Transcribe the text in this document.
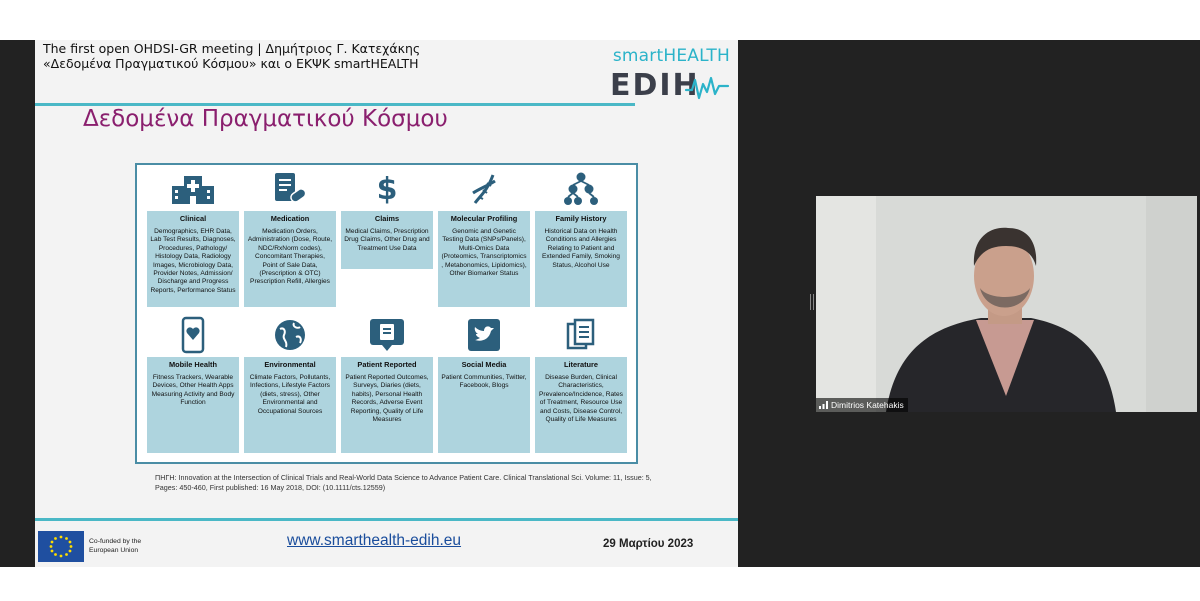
The first open OHDSI-GR meeting | Δημήτριος Γ. Κατεχάκης
«Δεδομένα Πραγματικού Κόσμου» και ο ΕΚΨΚ smartHEALTH	smartHEALTH
EDIH
Δεδομένα Πραγματικού Κόσμου
Clinical
Demographics, EHR Data, Lab Test Results, Diagnoses, Procedures, Pathology/ Histology Data, Radiology Images, Microbiology Data, Provider Notes, Admission/ Discharge and Progress Reports, Performance Status
Medication
Medication Orders, Administration (Dose, Route, NDC/RxNorm codes), Concomitant Therapies, Point of Sale Data, (Prescription & OTC) Prescription Refill, Allergies
$
Claims
Medical Claims, Prescription Drug Claims, Other Drug and Treatment Use Data
Molecular Profiling
Genomic and Genetic Testing Data (SNPs/Panels), Multi-Omics Data (Proteomics, Transcriptomics , Metabonomics, Lipidomics), Other Biomarker Status
Family History
Historical Data on Health Conditions and Allergies Relating to Patient and Extended Family, Smoking Status, Alcohol Use
Mobile Health
Fitness Trackers, Wearable Devices, Other Health Apps Measuring Activity and Body Function
Environmental
Climate Factors, Pollutants, Infections, Lifestyle Factors (diets, stress), Other Environmental and Occupational Sources
Patient Reported
Patient Reported Outcomes, Surveys, Diaries (diets, habits), Personal Health Records, Adverse Event Reporting, Quality of Life Measures
Social Media
Patient Communities, Twitter, Facebook, Blogs
Literature
Disease Burden, Clinical Characteristics, Prevalence/Incidence, Rates of Treatment, Resource Use and Costs, Disease Control, Quality of Life Measures
ΠΗΓΗ: Innovation at the Intersection of Clinical Trials and Real-World Data Science to Advance Patient Care. Clinical Translational Sci. Volume: 11, Issue: 5, Pages: 450-460, First published: 16 May 2018, DOI: (10.1111/cts.12559)
Co-funded by the European Union
www.smarthealth-edih.eu	29 Μαρτίου 2023
Dimitrios Katehakis
